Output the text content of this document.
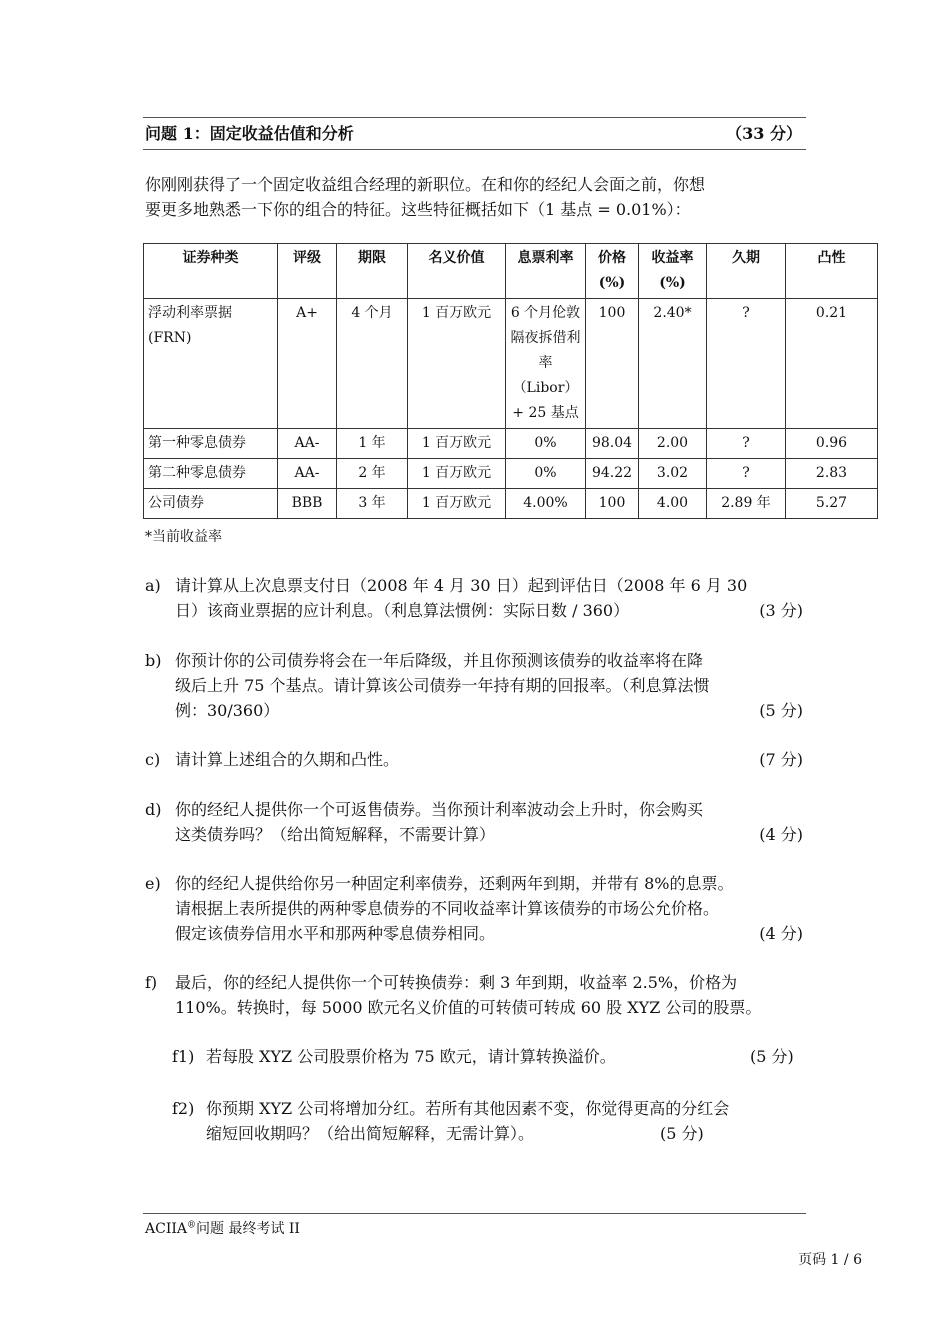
问题 1：固定收益估值和分析	（33 分）
你刚刚获得了一个固定收益组合经理的新职位。在和你的经纪人会面之前，你想
要更多地熟悉一下你的组合的特征。这些特征概括如下（1 基点 = 0.01%）：
证券种类	评级	期限	名义价值	息票利率	价格 (%)	收益率 (%)	久期	凸性
浮动利率票据 (FRN)	A+	4 个月	1 百万欧元	6 个月伦敦隔夜拆借利率（Libor）+ 25 基点	100	2.40*	?	0.21
第一种零息债券	AA-	1 年	1 百万欧元	0%	98.04	2.00	?	0.96
第二种零息债券	AA-	2 年	1 百万欧元	0%	94.22	3.02	?	2.83
公司债券	BBB	3 年	1 百万欧元	4.00%	100	4.00	2.89 年	5.27
*当前收益率
a) 请计算从上次息票支付日（2008 年 4 月 30 日）起到评估日（2008 年 6 月 30
日）该商业票据的应计利息。（利息算法惯例：实际日数 / 360）	(3 分)
b) 你预计你的公司债券将会在一年后降级，并且你预测该债券的收益率将在降
级后上升 75 个基点。请计算该公司债券一年持有期的回报率。（利息算法惯
例：30/360）	(5 分)
c) 请计算上述组合的久期和凸性。	(7 分)
d) 你的经纪人提供你一个可返售债券。当你预计利率波动会上升时，你会购买
这类债券吗？（给出简短解释，不需要计算）	(4 分)
e) 你的经纪人提供给你另一种固定利率债券，还剩两年到期，并带有 8%的息票。
请根据上表所提供的两种零息债券的不同收益率计算该债券的市场公允价格。
假定该债券信用水平和那两种零息债券相同。	(4 分)
f) 最后，你的经纪人提供你一个可转换债券：剩 3 年到期，收益率 2.5%，价格为
110%。转换时，每 5000 欧元名义价值的可转债可转成 60 股 XYZ 公司的股票。
f1) 若每股 XYZ 公司股票价格为 75 欧元，请计算转换溢价。	(5 分)
f2) 你预期 XYZ 公司将增加分红。若所有其他因素不变，你觉得更高的分红会
缩短回收期吗？（给出简短解释，无需计算）。	(5 分)
ACIIA®问题 最终考试 II
页码 1 / 6
